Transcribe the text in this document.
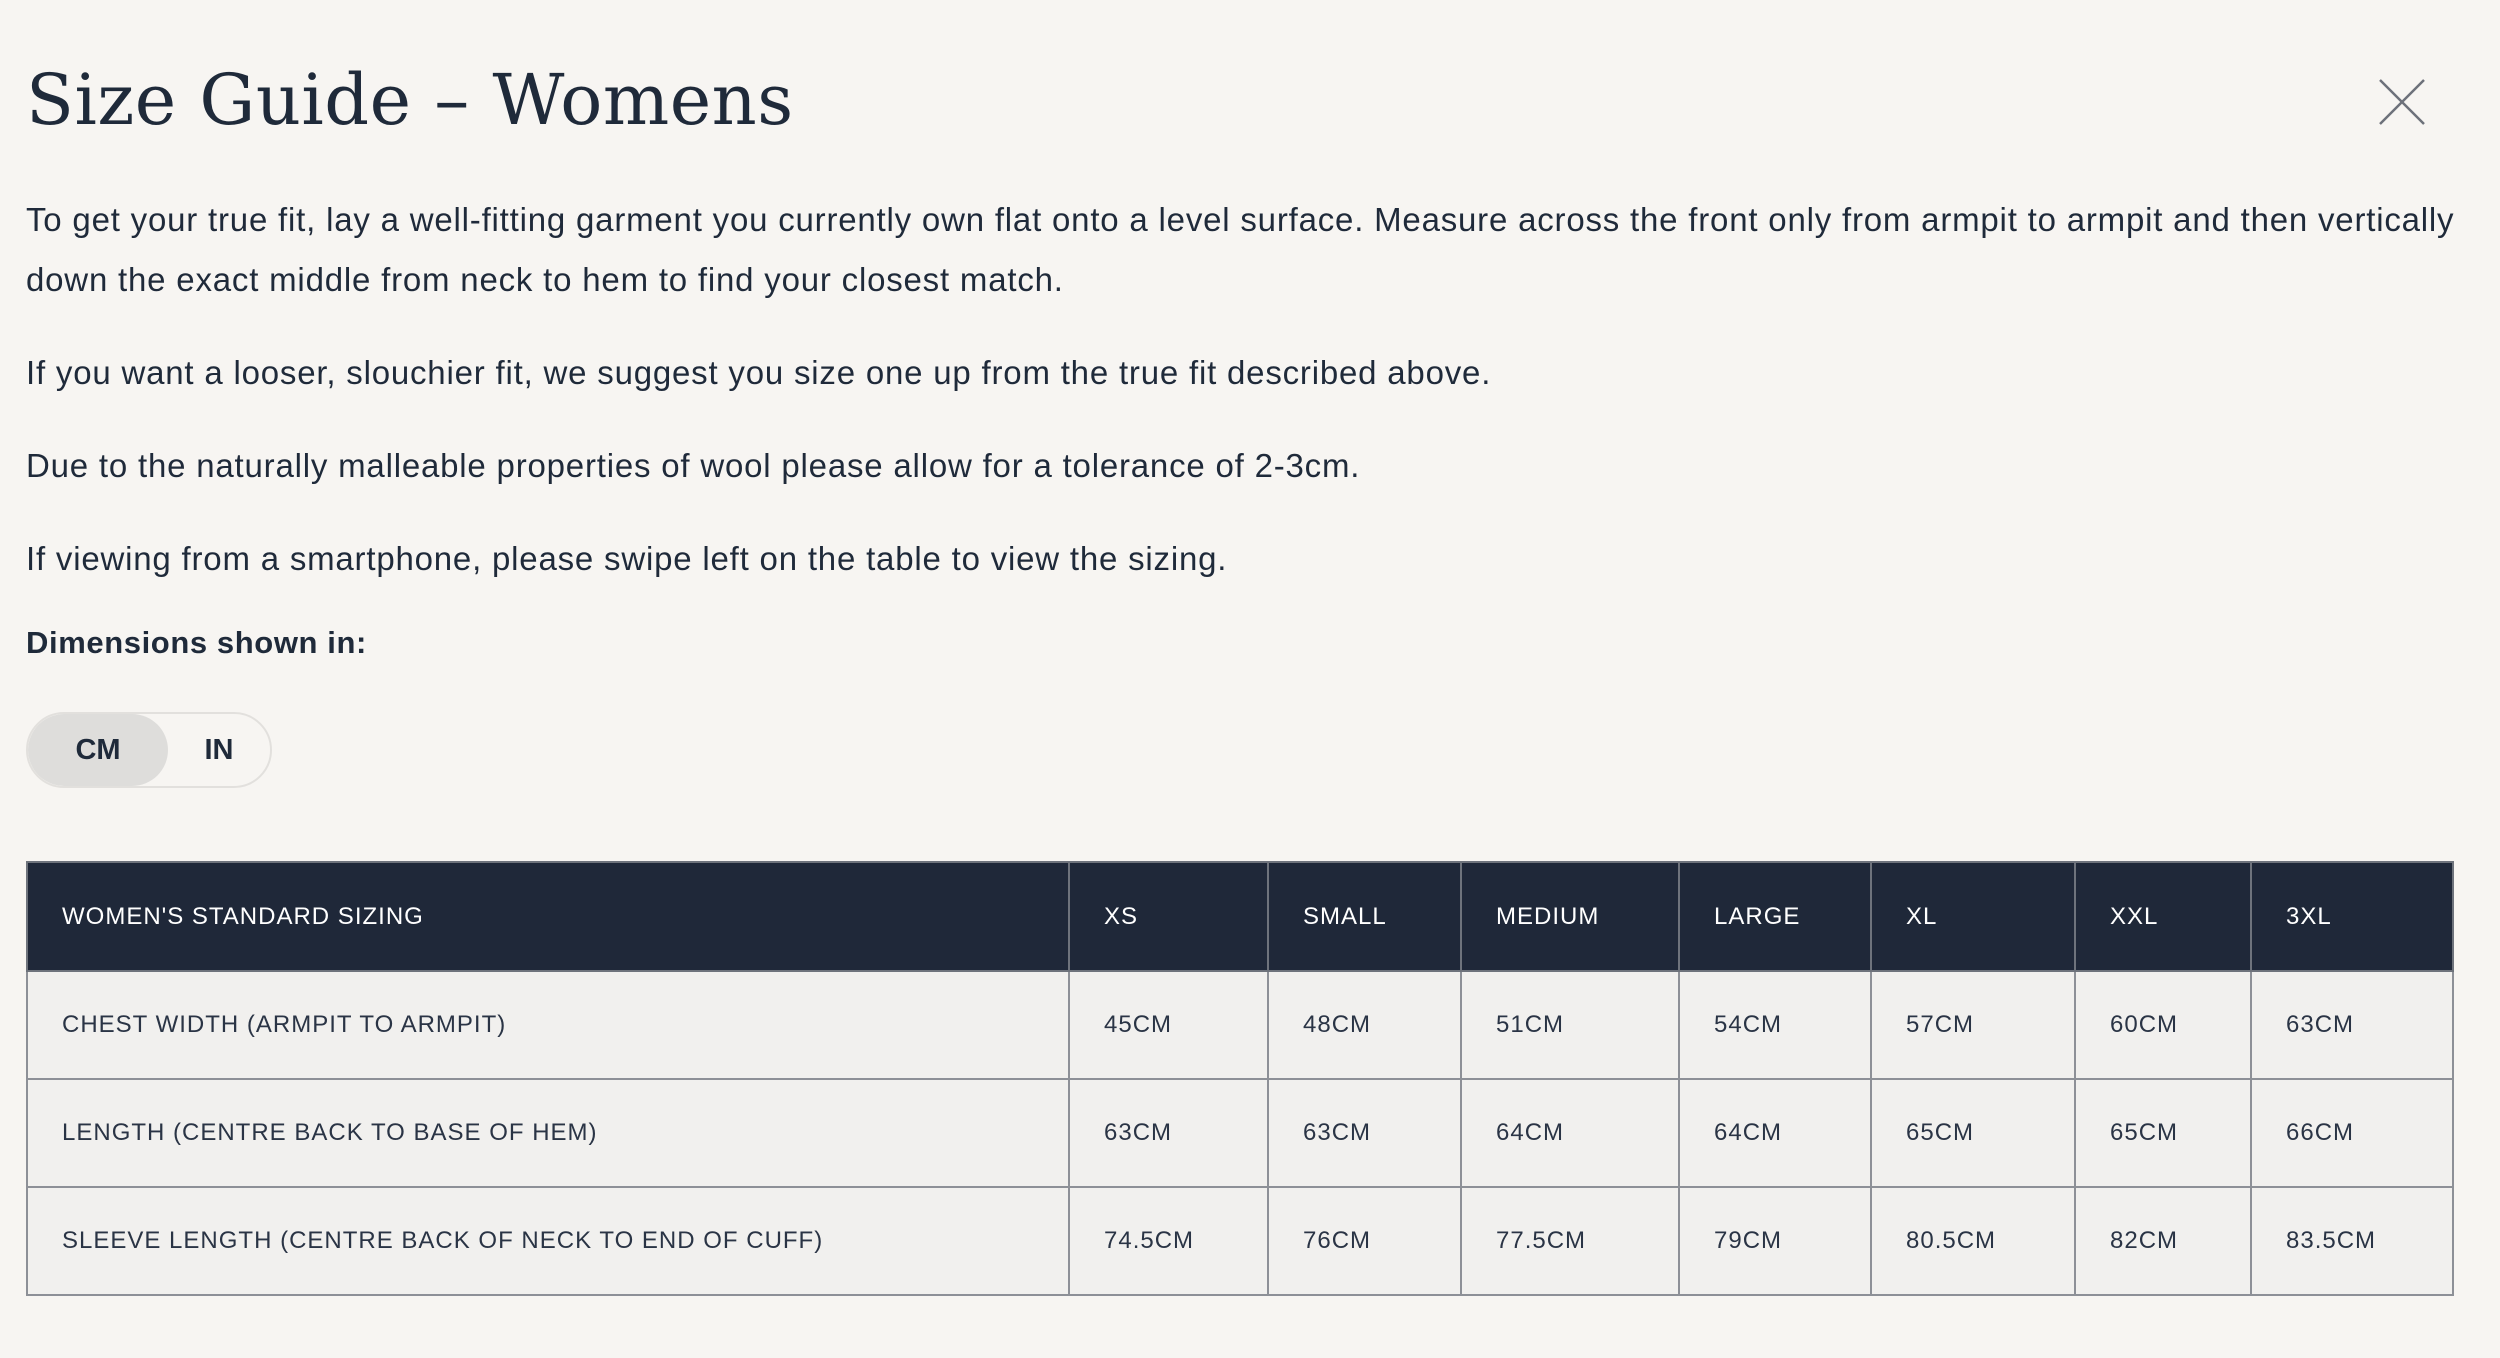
Size Guide – Womens

To get your true fit, lay a well-fitting garment you currently own flat onto a level surface. Measure across the front only from armpit to armpit and then vertically down the exact middle from neck to hem to find your closest match.

If you want a looser, slouchier fit, we suggest you size one up from the true fit described above.

Due to the naturally malleable properties of wool please allow for a tolerance of 2-3cm.

If viewing from a smartphone, please swipe left on the table to view the sizing.

Dimensions shown in:
CM	IN
WOMEN'S STANDARD SIZING	XS	SMALL	MEDIUM	LARGE	XL	XXL	3XL
CHEST WIDTH (ARMPIT TO ARMPIT)	45CM	48CM	51CM	54CM	57CM	60CM	63CM
LENGTH (CENTRE BACK TO BASE OF HEM)	63CM	63CM	64CM	64CM	65CM	65CM	66CM
SLEEVE LENGTH (CENTRE BACK OF NECK TO END OF CUFF)	74.5CM	76CM	77.5CM	79CM	80.5CM	82CM	83.5CM
